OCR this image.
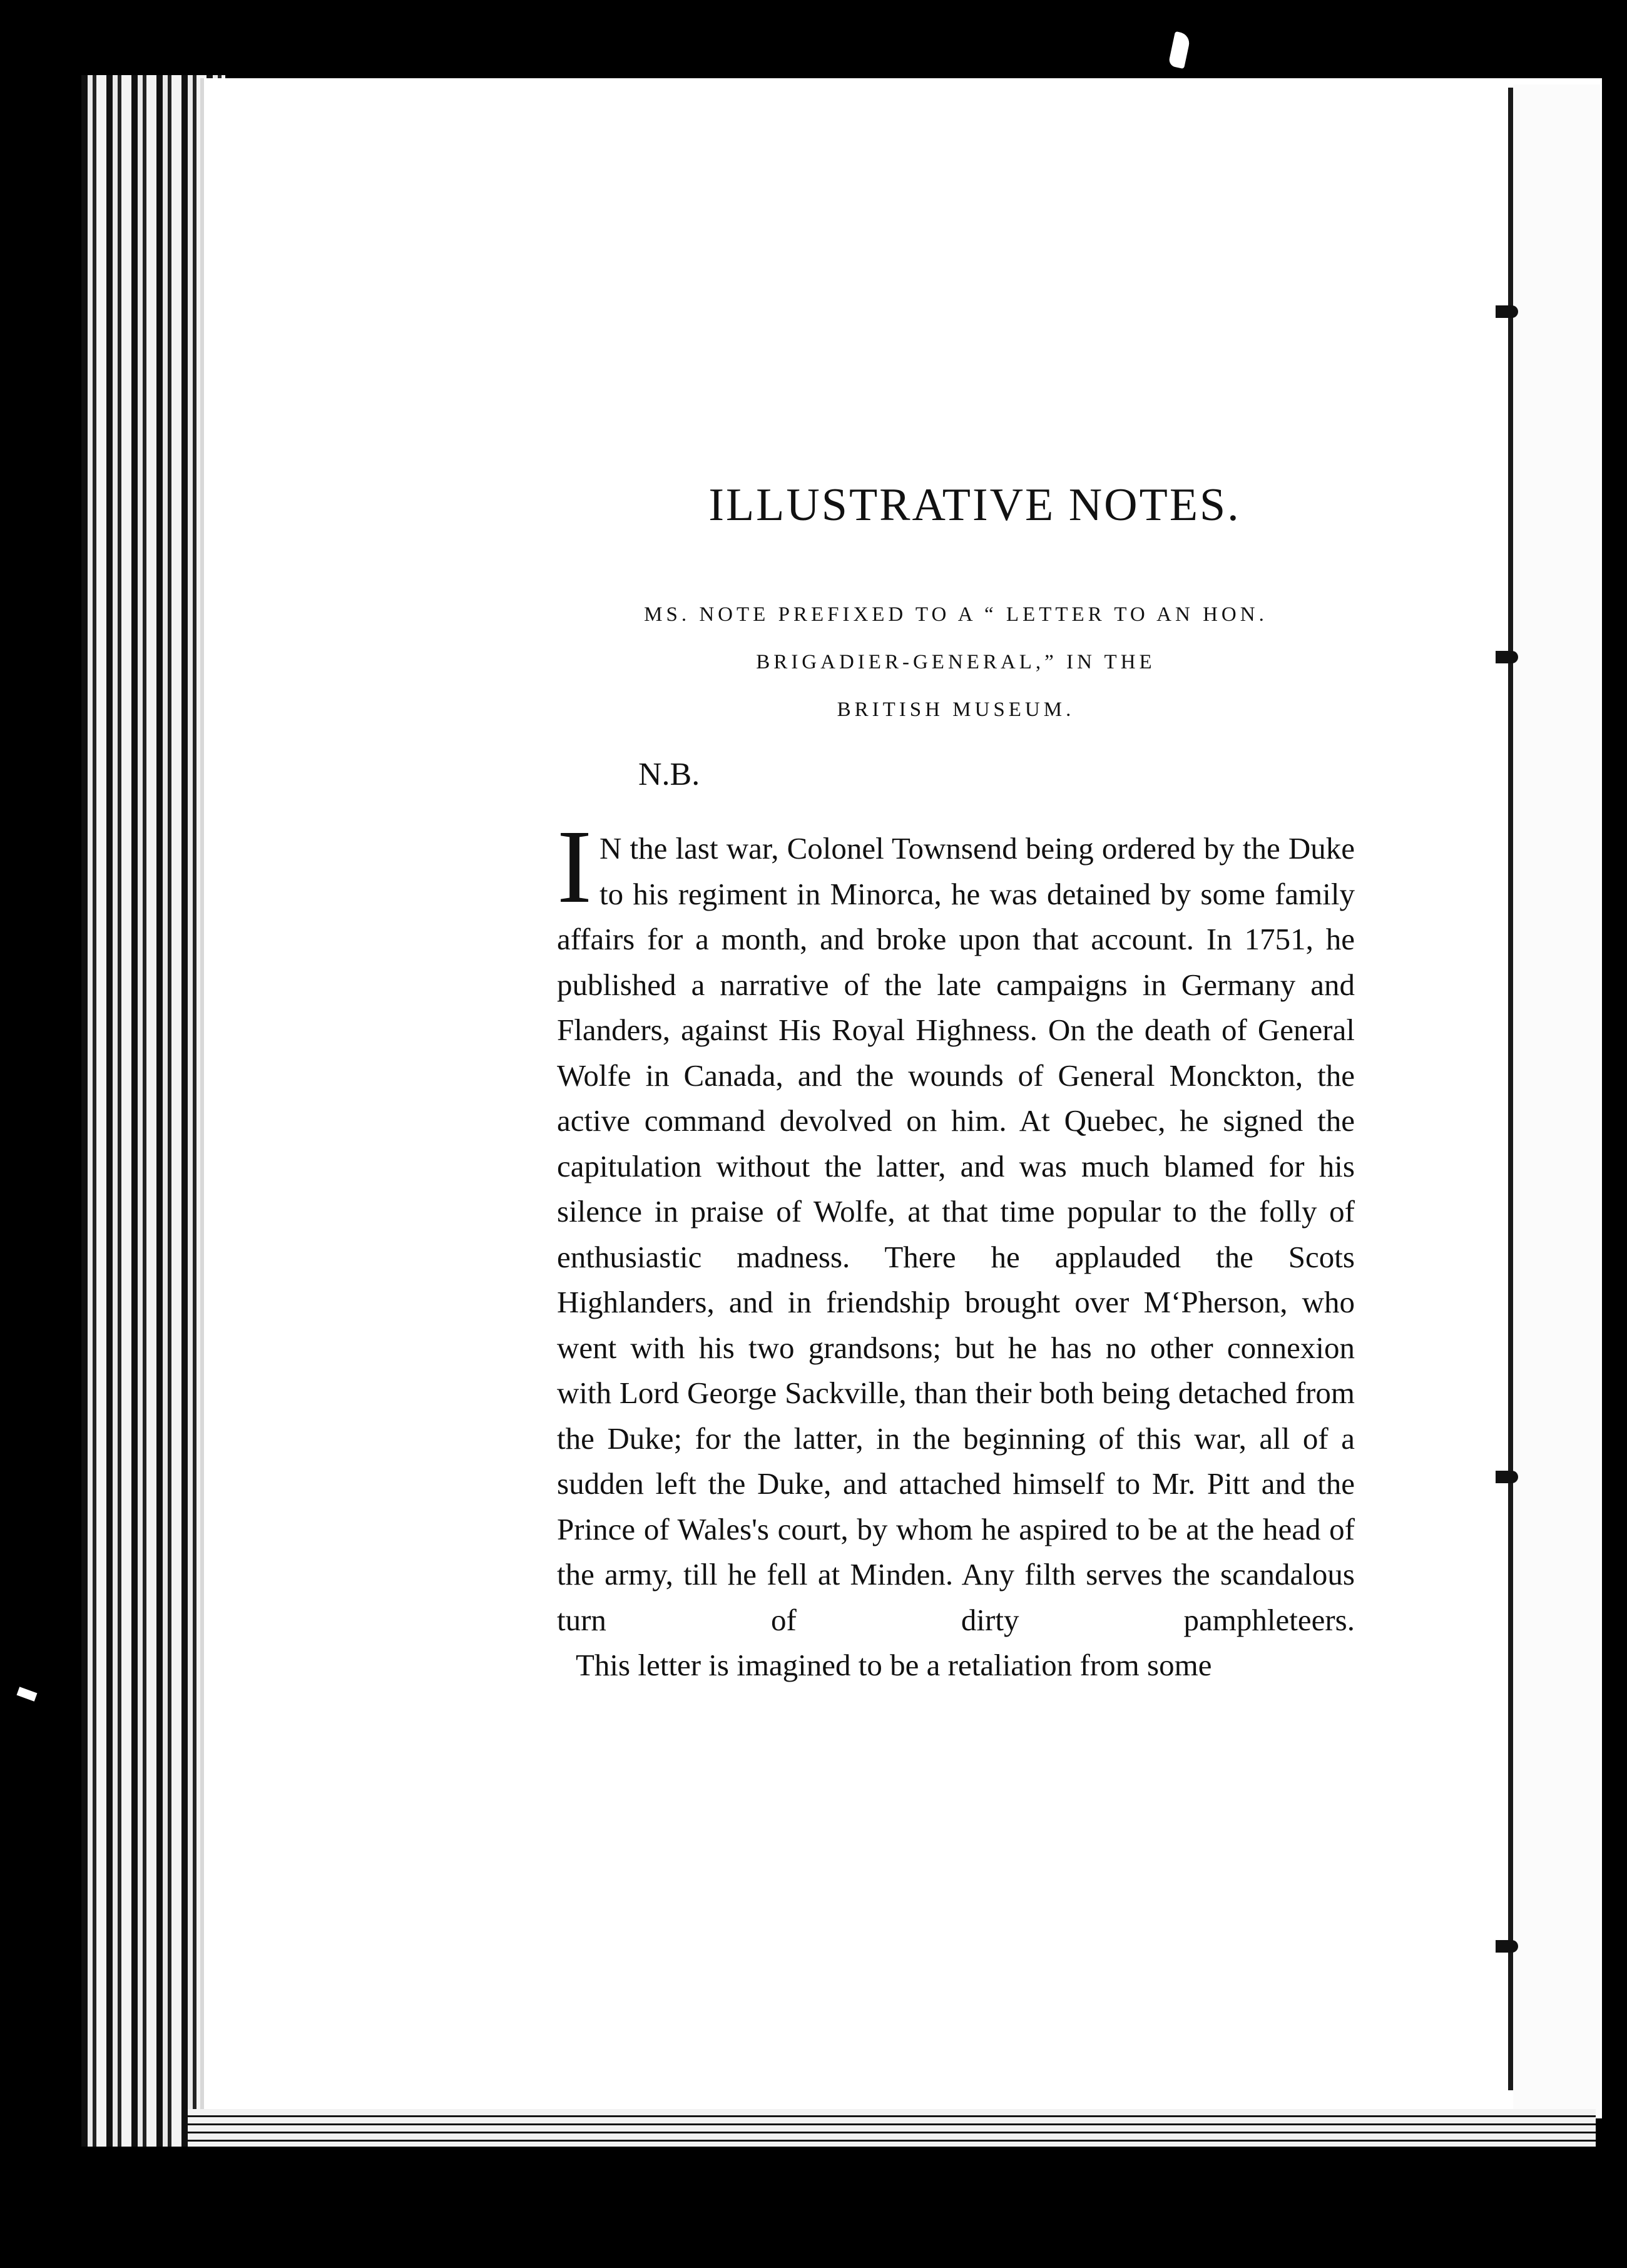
ILLUSTRATIVE NOTES.

MS. NOTE PREFIXED TO A “ LETTER TO AN HON.
BRIGADIER-GENERAL,” IN THE
BRITISH MUSEUM.

N.B.

IN the last war, Colonel Townsend being ordered by the Duke to his regiment in Minorca, he was detained by some family affairs for a month, and broke upon that account. In 1751, he published a narrative of the late campaigns in Germany and Flanders, against His Royal Highness. On the death of General Wolfe in Canada, and the wounds of General Monckton, the active command devolved on him. At Quebec, he signed the capitulation without the latter, and was much blamed for his silence in praise of Wolfe, at that time popular to the folly of enthusiastic madness. There he applauded the Scots Highlanders, and in friendship brought over M‘Pherson, who went with his two grandsons; but he has no other connexion with Lord George Sackville, than their both being detached from the Duke; for the latter, in the beginning of this war, all of a sudden left the Duke, and attached himself to Mr. Pitt and the Prince of Wales's court, by whom he aspired to be at the head of the army, till he fell at Minden. Any filth serves the scandalous turn of dirty pamphleteers.

This letter is imagined to be a retaliation from some
